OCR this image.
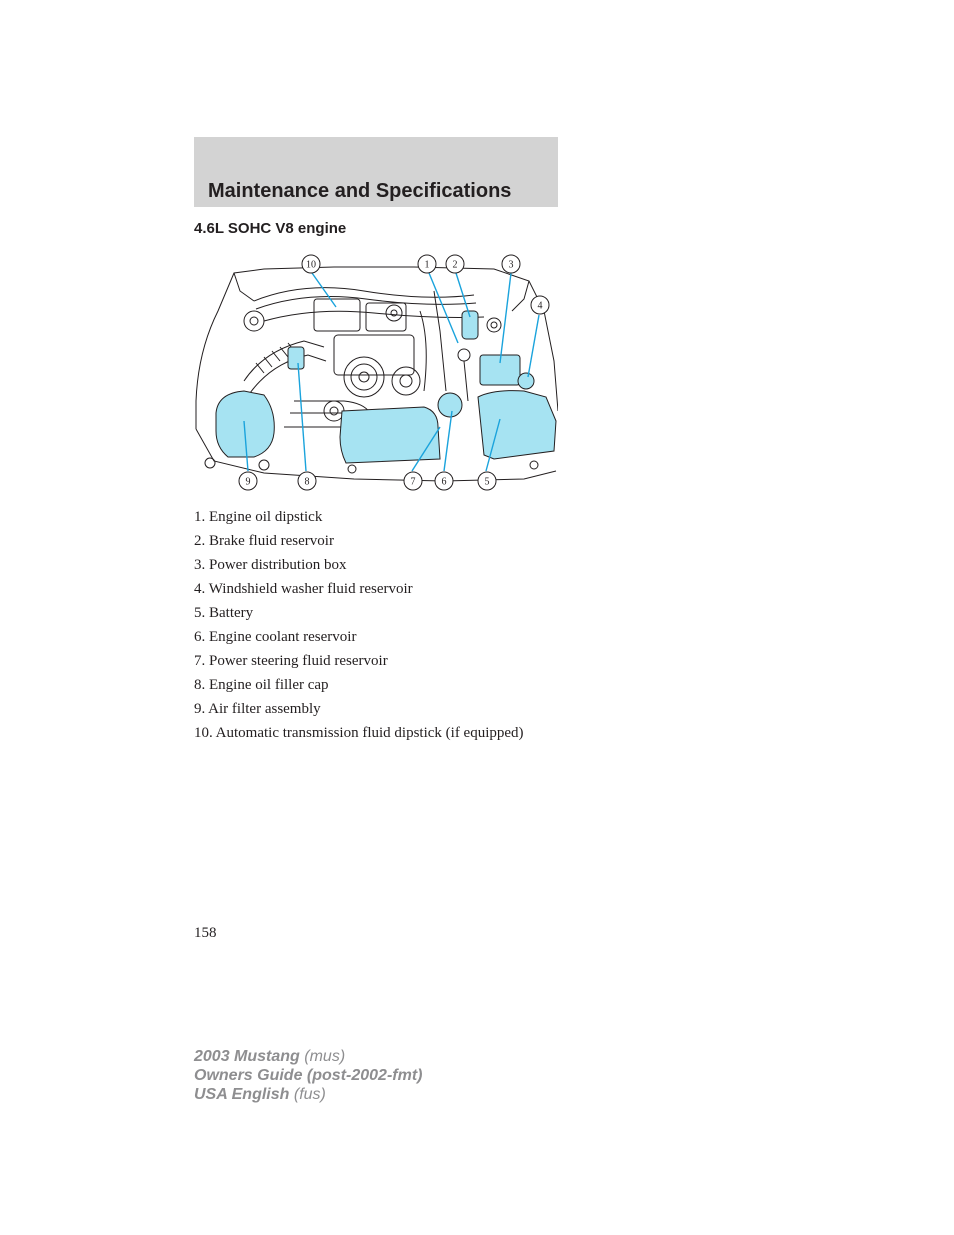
Maintenance and Specifications
4.6L SOHC V8 engine
1 2	3
4
5
6
7
8
9
10
1. Engine oil dipstick
2. Brake fluid reservoir
3. Power distribution box
4. Windshield washer fluid reservoir
5. Battery
6. Engine coolant reservoir
7. Power steering fluid reservoir
8. Engine oil filler cap
9. Air filter assembly
10. Automatic transmission fluid dipstick (if equipped)
158
2003 Mustang (mus)
Owners Guide (post-2002-fmt)
USA English (fus)
